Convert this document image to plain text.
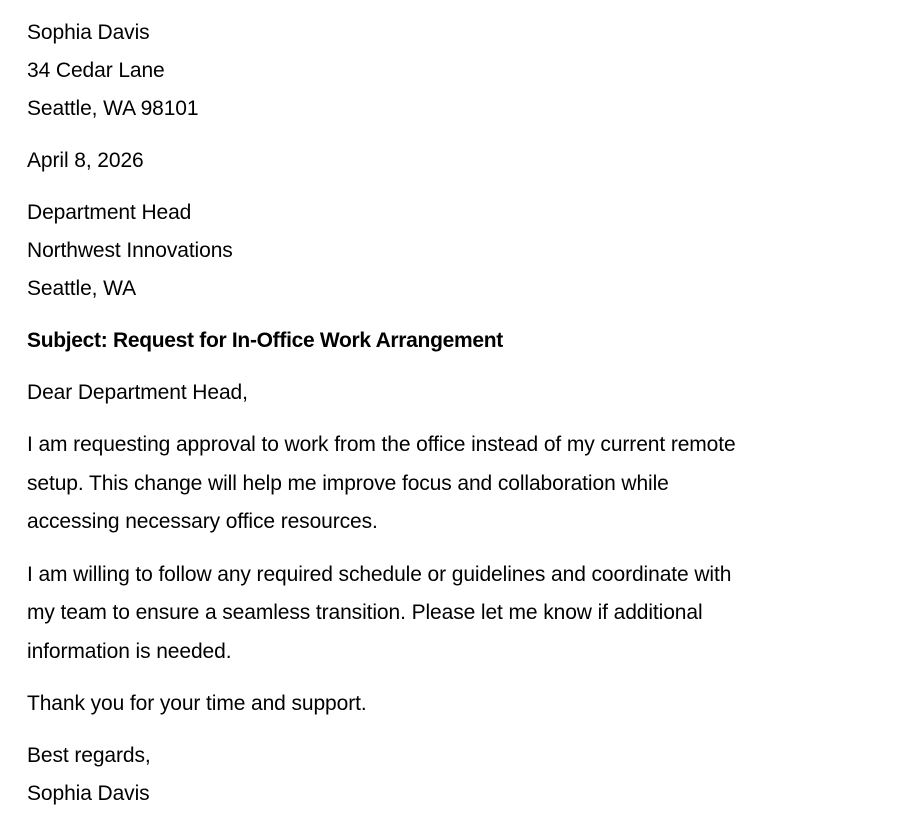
Sophia Davis
34 Cedar Lane
Seattle, WA 98101
April 8, 2026
Department Head
Northwest Innovations
Seattle, WA
Subject: Request for In-Office Work Arrangement
Dear Department Head,
I am requesting approval to work from the office instead of my current remote
setup. This change will help me improve focus and collaboration while
accessing necessary office resources.
I am willing to follow any required schedule or guidelines and coordinate with
my team to ensure a seamless transition. Please let me know if additional
information is needed.
Thank you for your time and support.
Best regards,
Sophia Davis
